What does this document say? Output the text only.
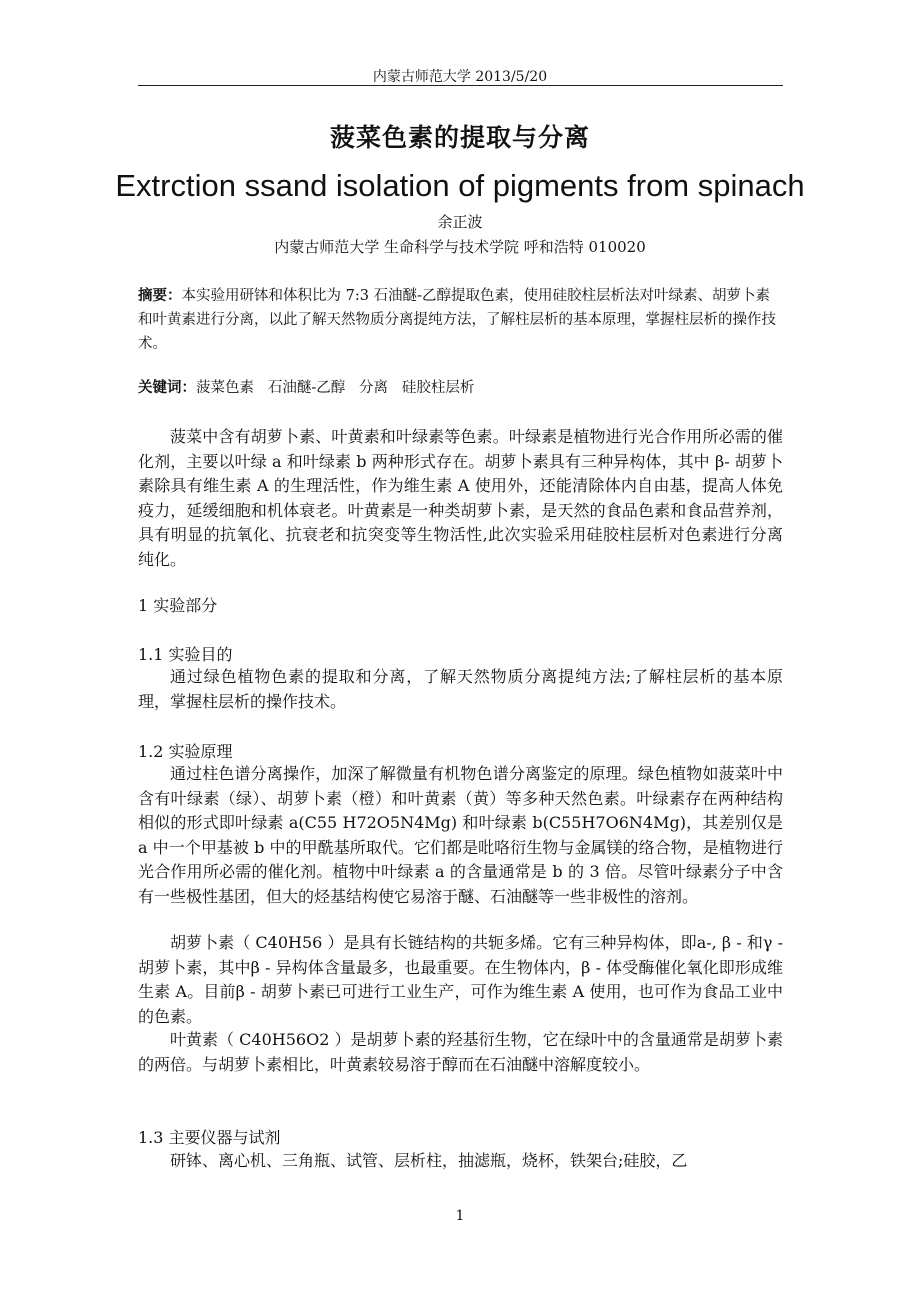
内蒙古师范大学 2013/5/20
菠菜色素的提取与分离
Extrction ssand isolation of pigments from spinach
余正波
内蒙古师范大学 生命科学与技术学院 呼和浩特 010020
摘要：本实验用研钵和体积比为 7:3 石油醚-乙醇提取色素，使用硅胶柱层析法对叶绿素、胡萝卜素和叶黄素进行分离，以此了解天然物质分离提纯方法，了解柱层析的基本原理，掌握柱层析的操作技术。
关键词：菠菜色素   石油醚-乙醇   分离   硅胶柱层析

菠菜中含有胡萝卜素、叶黄素和叶绿素等色素。叶绿素是植物进行光合作用所必需的催化剂，主要以叶绿 a 和叶绿素 b 两种形式存在。胡萝卜素具有三种异构体，其中 β- 胡萝卜素除具有维生素 A 的生理活性，作为维生素 A 使用外，还能清除体内自由基，提高人体免疫力，延缓细胞和机体衰老。叶黄素是一种类胡萝卜素，是天然的食品色素和食品营养剂，具有明显的抗氧化、抗衰老和抗突变等生物活性,此次实验采用硅胶柱层析对色素进行分离纯化。

1 实验部分
1.1 实验目的

通过绿色植物色素的提取和分离，了解天然物质分离提纯方法;了解柱层析的基本原理，掌握柱层析的操作技术。

1.2 实验原理

通过柱色谱分离操作，加深了解微量有机物色谱分离鉴定的原理。绿色植物如菠菜叶中含有叶绿素（绿）、胡萝卜素（橙）和叶黄素（黄）等多种天然色素。叶绿素存在两种结构相似的形式即叶绿素 a(C55 H72O5N4Mg) 和叶绿素 b(C55H7O6N4Mg)，其差别仅是 a 中一个甲基被 b 中的甲酰基所取代。它们都是吡咯衍生物与金属镁的络合物，是植物进行光合作用所必需的催化剂。植物中叶绿素 a 的含量通常是 b 的 3 倍。尽管叶绿素分子中含有一些极性基团，但大的烃基结构使它易溶于醚、石油醚等一些非极性的溶剂。

胡萝卜素（ C40H56 ）是具有长链结构的共轭多烯。它有三种异构体，即a-, β - 和γ - 胡萝卜素，其中β - 异构体含量最多，也最重要。在生物体内，β - 体受酶催化氧化即形成维生素 A。目前β - 胡萝卜素已可进行工业生产，可作为维生素 A 使用，也可作为食品工业中的色素。

叶黄素（ C40H56O2 ）是胡萝卜素的羟基衍生物，它在绿叶中的含量通常是胡萝卜素的两倍。与胡萝卜素相比，叶黄素较易溶于醇而在石油醚中溶解度较小。

1.3 主要仪器与试剂

研钵、离心机、三角瓶、试管、层析柱，抽滤瓶，烧杯，铁架台;硅胶，乙

1
